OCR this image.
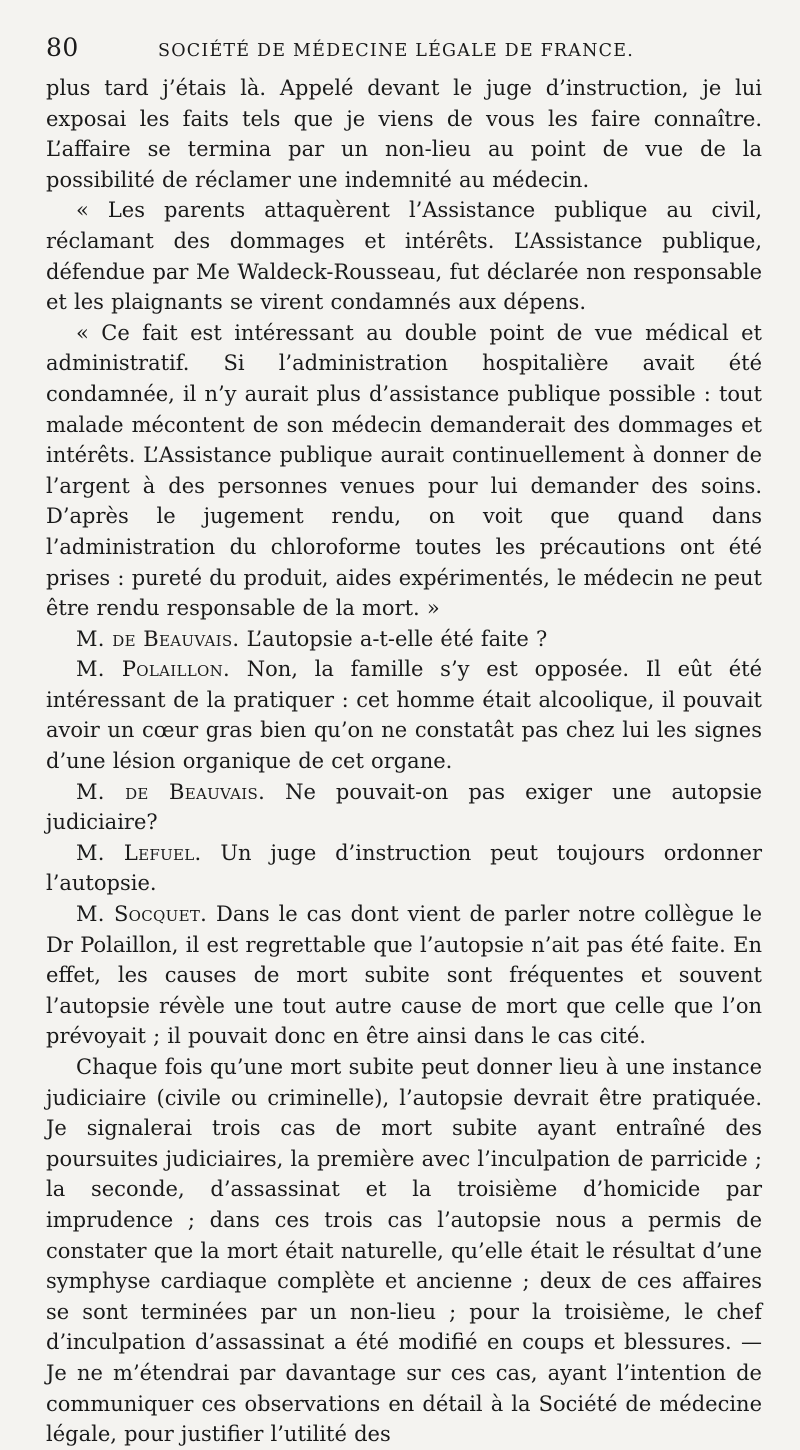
80	SOCIÉTÉ DE MÉDECINE LÉGALE DE FRANCE.

plus tard j’étais là. Appelé devant le juge d’instruction, je lui exposai les faits tels que je viens de vous les faire connaître. L’affaire se termina par un non-lieu au point de vue de la possibilité de réclamer une indemnité au médecin.

« Les parents attaquèrent l’Assistance publique au civil, réclamant des dommages et intérêts. L’Assistance publique, défendue par Me Waldeck-Rousseau, fut déclarée non responsable et les plaignants se virent condamnés aux dépens.

« Ce fait est intéressant au double point de vue médical et administratif. Si l’administration hospitalière avait été condamnée, il n’y aurait plus d’assistance publique possible : tout malade mécontent de son médecin demanderait des dommages et intérêts. L’Assistance publique aurait continuellement à donner de l’argent à des personnes venues pour lui demander des soins. D’après le jugement rendu, on voit que quand dans l’administration du chloroforme toutes les précautions ont été prises : pureté du produit, aides expérimentés, le médecin ne peut être rendu responsable de la mort. »

M. de Beauvais. L’autopsie a-t-elle été faite ?

M. Polaillon. Non, la famille s’y est opposée. Il eût été intéressant de la pratiquer : cet homme était alcoolique, il pouvait avoir un cœur gras bien qu’on ne constatât pas chez lui les signes d’une lésion organique de cet organe.

M. de Beauvais. Ne pouvait-on pas exiger une autopsie judiciaire?

M. Lefuel. Un juge d’instruction peut toujours ordonner l’autopsie.

M. Socquet. Dans le cas dont vient de parler notre collègue le Dr Polaillon, il est regrettable que l’autopsie n’ait pas été faite. En effet, les causes de mort subite sont fréquentes et souvent l’autopsie révèle une tout autre cause de mort que celle que l’on prévoyait ; il pouvait donc en être ainsi dans le cas cité.

Chaque fois qu’une mort subite peut donner lieu à une instance judiciaire (civile ou criminelle), l’autopsie devrait être pratiquée. Je signalerai trois cas de mort subite ayant entraîné des poursuites judiciaires, la première avec l’inculpation de parricide ; la seconde, d’assassinat et la troisième d’homicide par imprudence ; dans ces trois cas l’autopsie nous a permis de constater que la mort était naturelle, qu’elle était le résultat d’une symphyse cardiaque complète et ancienne ; deux de ces affaires se sont terminées par un non-lieu ; pour la troisième, le chef d’inculpation d’assassinat a été modifié en coups et blessures. — Je ne m’étendrai par davantage sur ces cas, ayant l’intention de communiquer ces observations en détail à la Société de médecine légale, pour justifier l’utilité des
